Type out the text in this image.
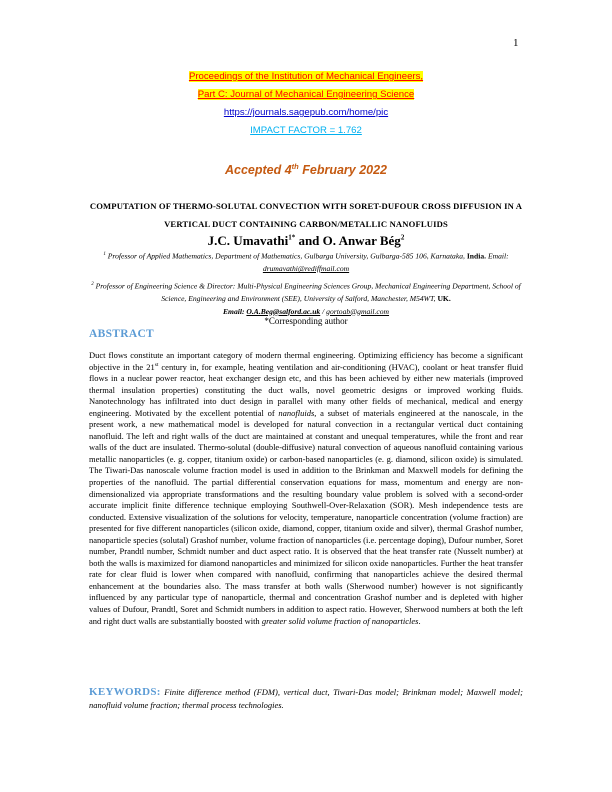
1
Proceedings of the Institution of Mechanical Engineers,
Part C: Journal of Mechanical Engineering Science
https://journals.sagepub.com/home/pic
IMPACT FACTOR = 1.762
Accepted 4th February 2022
COMPUTATION OF THERMO-SOLUTAL CONVECTION WITH SORET-DUFOUR CROSS DIFFUSION IN A VERTICAL DUCT CONTAINING CARBON/METALLIC NANOFLUIDS
J.C. Umavathi$^{1*}$ and O. Anwar Bég$^2$
$^1$ Professor of Applied Mathematics, Department of Mathematics, Gulbarga University, Gulbarga-585 106, Karnataka, India. Email: drumavathi@rediffmail.com
$^2$ Professor of Engineering Science & Director: Multi-Physical Engineering Sciences Group, Mechanical Engineering Department, School of Science, Engineering and Environment (SEE), University of Salford, Manchester, M54WT, UK.
Email: O.A.Beg@salford.ac.uk / gortoab@gmail.com
*Corresponding author
ABSTRACT
Duct flows constitute an important category of modern thermal engineering. Optimizing efficiency has become a significant objective in the 21st century in, for example, heating ventilation and air-conditioning (HVAC), coolant or heat transfer fluid flows in a nuclear power reactor, heat exchanger design etc, and this has been achieved by either new materials (improved thermal insulation properties) constituting the duct walls, novel geometric designs or improved working fluids. Nanotechnology has infiltrated into duct design in parallel with many other fields of mechanical, medical and energy engineering. Motivated by the excellent potential of nanofluids, a subset of materials engineered at the nanoscale, in the present work, a new mathematical model is developed for natural convection in a rectangular vertical duct containing nanofluid. The left and right walls of the duct are maintained at constant and unequal temperatures, while the front and rear walls of the duct are insulated. Thermo-solutal (double-diffusive) natural convection of aqueous nanofluid containing various metallic nanoparticles (e. g. copper, titanium oxide) or carbon-based nanoparticles (e. g. diamond, silicon oxide) is simulated. The Tiwari-Das nanoscale volume fraction model is used in addition to the Brinkman and Maxwell models for defining the properties of the nanofluid. The partial differential conservation equations for mass, momentum and energy are non-dimensionalized via appropriate transformations and the resulting boundary value problem is solved with a second-order accurate implicit finite difference technique employing Southwell-Over-Relaxation (SOR). Mesh independence tests are conducted. Extensive visualization of the solutions for velocity, temperature, nanoparticle concentration (volume fraction) are presented for five different nanoparticles (silicon oxide, diamond, copper, titanium oxide and silver), thermal Grashof number, nanoparticle species (solutal) Grashof number, volume fraction of nanoparticles (i.e. percentage doping), Dufour number, Soret number, Prandtl number, Schmidt number and duct aspect ratio. It is observed that the heat transfer rate (Nusselt number) at both the walls is maximized for diamond nanoparticles and minimized for silicon oxide nanoparticles. Further the heat transfer rate for clear fluid is lower when compared with nanofluid, confirming that nanoparticles achieve the desired thermal enhancement at the boundaries also. The mass transfer at both walls (Sherwood number) however is not significantly influenced by any particular type of nanoparticle, thermal and concentration Grashof number and is depleted with higher values of Dufour, Prandtl, Soret and Schmidt numbers in addition to aspect ratio. However, Sherwood numbers at both the left and right duct walls are substantially boosted with greater solid volume fraction of nanoparticles.
KEYWORDS: Finite difference method (FDM), vertical duct, Tiwari-Das model; Brinkman model; Maxwell model; nanofluid volume fraction; thermal process technologies.
